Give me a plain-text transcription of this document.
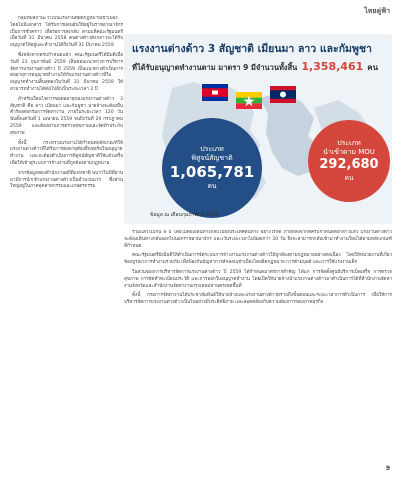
ไทยคู่ฟ้า

กลุ่มที่มีสถานะว่าเป็นแรงงานที่ผิดกฎหมายเข้าเมืองโดยไม่มีเอกสาร ได้รับการผ่อนผันให้อยู่ในราชอาณาจักรเป็นการชั่วคราว เพื่อรอการส่งกลับ ตามมติคณะรัฐมนตรีเมื่อวันที่ 31 มีนาคม 2558 คนต่างด้าวดังกล่าวจะได้รับอนุญาตให้อยู่และทำงานได้ถึงวันที่ 31 มีนาคม 2559

ซึ่งหลังจากครบกำหนดแล้ว คณะรัฐมนตรีได้มีมติเมื่อวันที่ 23 กุมภาพันธ์ 2559 เห็นชอบแนวทางการบริหารจัดการแรงงานต่างด้าว ปี 2559 เป็นแนวทางดำเนินการต่ออายุการอนุญาตทำงานให้กับแรงงานต่างด้าวที่ใบอนุญาตทำงานสิ้นสุดลงในวันที่ 31 มีนาคม 2559 ให้สามารถทำงานได้ต่อไปอีกเป็นระยะเวลา 2 ปี

สำหรับเงื่อนไขการขอต่ออายุของแรงงานต่างด้าว 3 สัญชาติ คือ ลาว เมียนมา และกัมพูชา นายจ้างจะต้องยื่นคำร้องต่อกรมการจัดหางาน ภายในระยะเวลา 120 วัน นับตั้งแต่วันที่ 1 เมษายน 2559 จนถึงวันที่ 29 กรกฎาคม 2559 และต้องผ่านการตรวจสุขภาพและจัดทำประกันสุขภาพ

ทั้งนี้ กระทรวงแรงงานได้กำหนดหลักเกณฑ์ให้แรงงานต่างด้าวที่ได้รับการต่ออายุต้องยื่นขอรับใบอนุญาตทำงาน และจะต้องดำเนินการพิสูจน์สัญชาติให้แล้วเสร็จ เพื่อให้เข้าสู่ระบบการจ้างงานที่ถูกต้องตามกฎหมาย

จากข้อมูลของสำนักงานสถิติแห่งชาติ พบว่าในปีที่ผ่านมามีการนำเข้าแรงงานต่างด้าวเป็นจำนวนมาก ซึ่งส่วนใหญ่อยู่ในภาคอุตสาหกรรมและเกษตรกรรม

แรงงานต่างด้าว 3 สัญชาติ เมียนมา ลาว และกัมพูชา
ที่ได้รับอนุญาตทำงานตาม มาตรา 9 มีจำนวนทั้งสิ้น 1,358,461 คน
ประเภท
พิสูจน์สัญชาติ
1,065,781
คน
ประเภท
นำเข้าตาม MOU
292,680
คน
ข้อมูล ณ เดือนกุมภาพันธ์ 2559

รวมแล้วไม่เกิน 8 ปี โดยไม่ต้องเดินทางกลับไปยังประเทศต้นทาง อย่างไรก็ดี ภายหลังจากที่ครบกำหนดดังกล่าวแล้ว แรงงานต่างด้าวจะต้องเดินทางกลับออกไปนอกราชอาณาจักร และเว้นระยะเวลาไม่น้อยกว่า 30 วัน จึงจะสามารถกลับเข้ามาทำงานใหม่ได้ตามหลักเกณฑ์ที่กำหนด

คณะรัฐมนตรียังมีมติให้ดำเนินการจัดระบบการจ้างงานแรงงานต่างด้าวให้ถูกต้องตามกฎหมายอย่างต่อเนื่อง โดยให้หน่วยงานที่เกี่ยวข้องบูรณาการทำงานร่วมกัน เพื่อป้องกันปัญหาการลักลอบเข้าเมืองโดยผิดกฎหมาย การค้ามนุษย์ และการใช้แรงงานเด็ก

ในส่วนของการบริหารจัดการแรงงานต่างด้าว ปี 2559 ได้กำหนดมาตรการสำคัญ ได้แก่ การจัดตั้งศูนย์บริการเบ็ดเสร็จ การตรวจสุขภาพ การจัดทำทะเบียนประวัติ และการออกใบอนุญาตทำงาน โดยเปิดให้นายจ้างนำแรงงานต่างด้าวมาดำเนินการได้ที่สำนักงานจัดหางานจังหวัดและสำนักงานจัดหางานกรุงเทพมหานครเขตพื้นที่

ทั้งนี้ กรมการจัดหางานได้ประชาสัมพันธ์ให้นายจ้างและแรงงานต่างด้าวทราบถึงขั้นตอนและระยะเวลาการดำเนินการ เพื่อให้การบริหารจัดการแรงงานต่างด้าวเป็นไปอย่างมีประสิทธิภาพ และสอดคล้องกับความต้องการของภาคธุรกิจ

9
